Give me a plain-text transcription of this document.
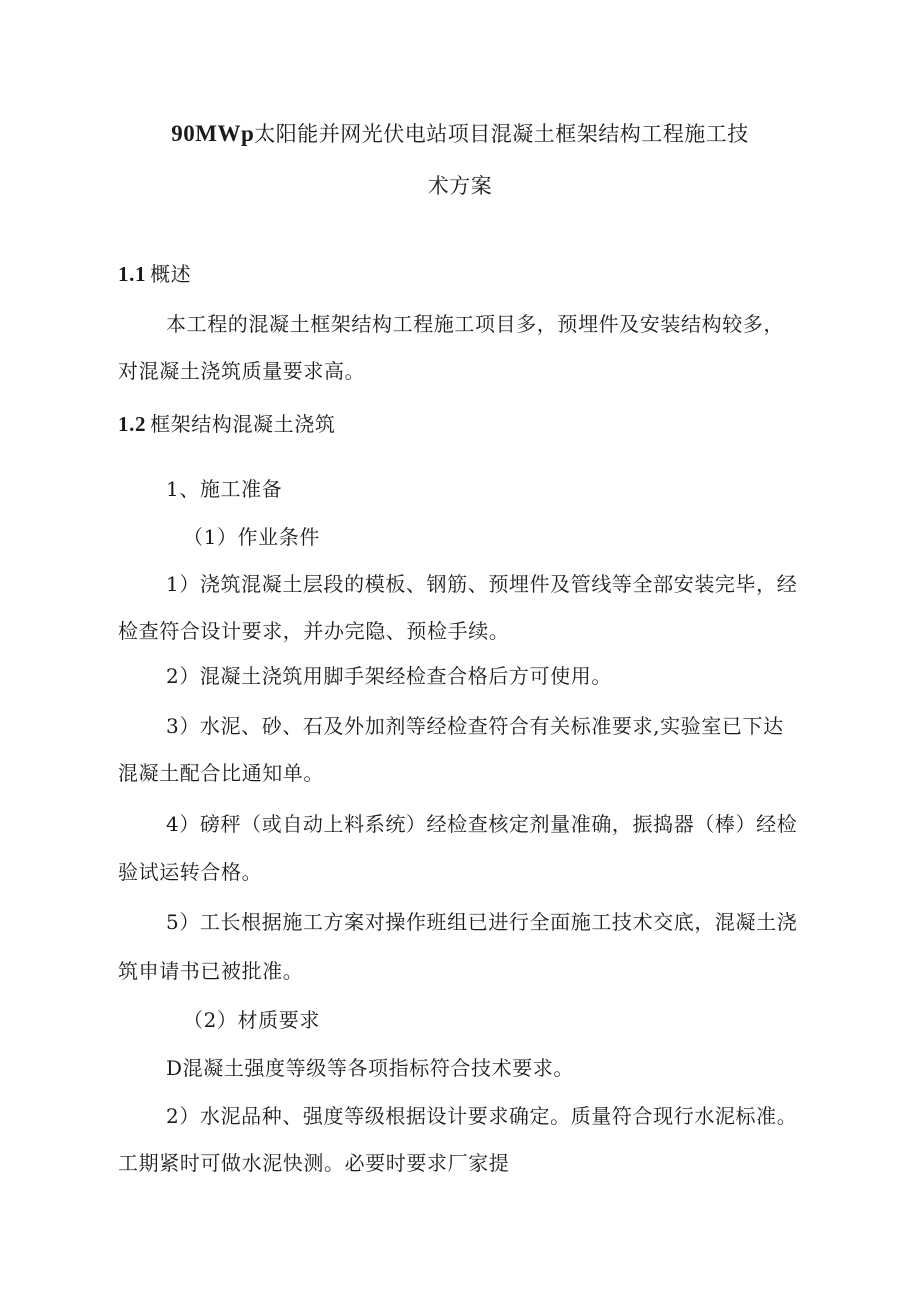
90MWp太阳能并网光伏电站项目混凝土框架结构工程施工技
术方案
1.1 概述
本工程的混凝土框架结构工程施工项目多，预埋件及安装结构较多，
对混凝土浇筑质量要求高。
1.2 框架结构混凝土浇筑
1、施工准备
（1）作业条件
1）浇筑混凝土层段的模板、钢筋、预埋件及管线等全部安装完毕，经
检查符合设计要求，并办完隐、预检手续。
2）混凝土浇筑用脚手架经检查合格后方可使用。
3）水泥、砂、石及外加剂等经检查符合有关标准要求,实验室已下达
混凝土配合比通知单。
4）磅秤（或自动上料系统）经检查核定剂量准确，振捣器（棒）经检
验试运转合格。
5）工长根据施工方案对操作班组已进行全面施工技术交底，混凝土浇
筑申请书已被批准。
（2）材质要求
D混凝土强度等级等各项指标符合技术要求。
2）水泥品种、强度等级根据设计要求确定。质量符合现行水泥标准。
工期紧时可做水泥快测。必要时要求厂家提
